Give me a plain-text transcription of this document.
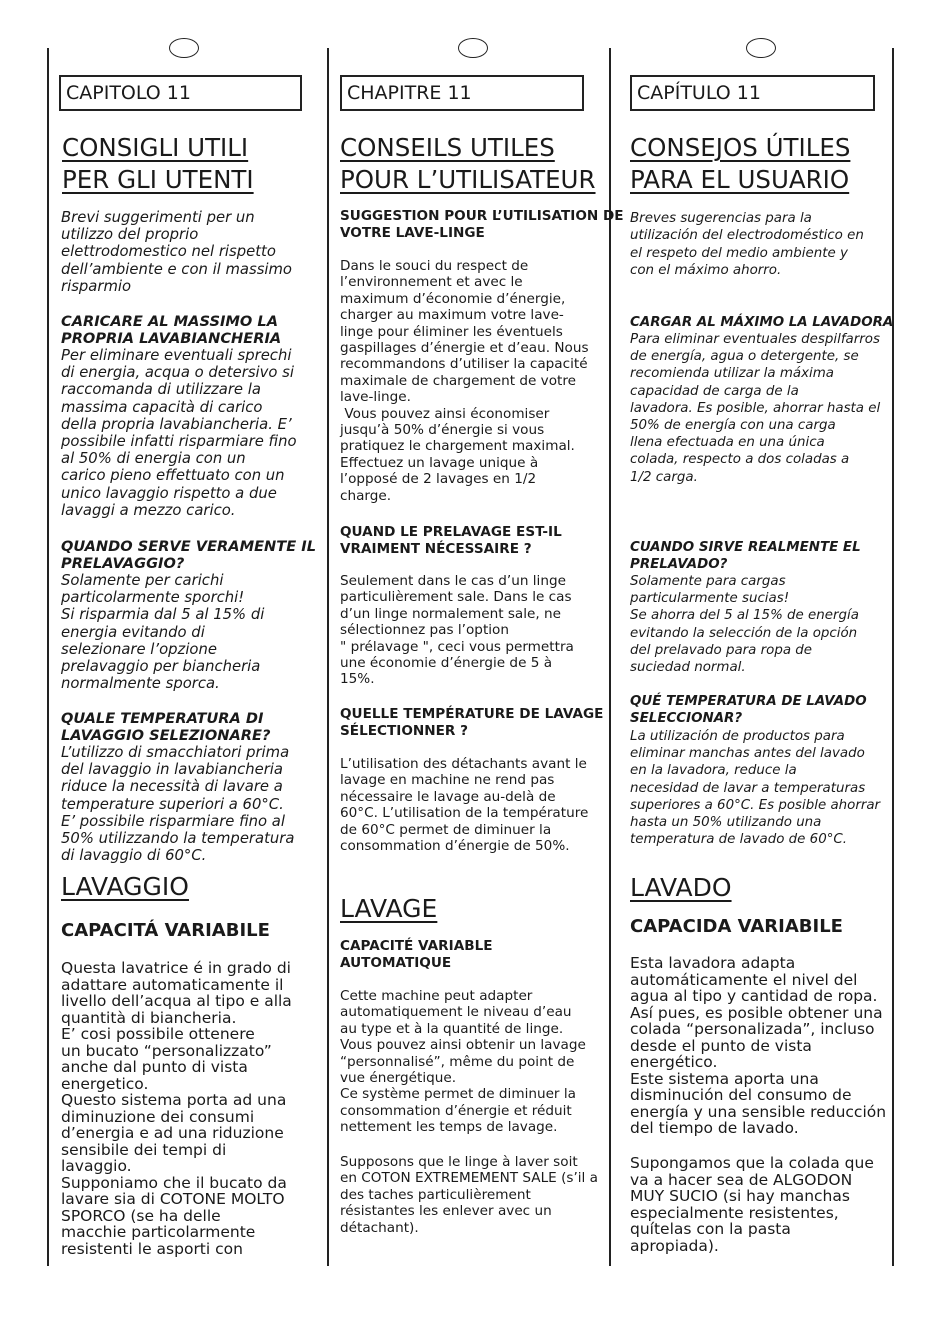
CAPITOLO 11
CONSIGLI UTILI
PER GLI UTENTI
Brevi suggerimenti per un
utilizzo del proprio
elettrodomestico nel rispetto
dell’ambiente e con il massimo
risparmio
CARICARE AL MASSIMO LA
PROPRIA LAVABIANCHERIA
Per eliminare eventuali sprechi
di energia, acqua o detersivo si
raccomanda di utilizzare la
massima capacità di carico
della propria lavabiancheria. E’
possibile infatti risparmiare fino
al 50% di energia con un
carico pieno effettuato con un
unico lavaggio rispetto a due
lavaggi a mezzo carico.
QUANDO SERVE VERAMENTE IL
PRELAVAGGIO?
Solamente per carichi
particolarmente sporchi!
Si risparmia dal 5 al 15% di
energia evitando di
selezionare l’opzione
prelavaggio per biancheria
normalmente sporca.
QUALE TEMPERATURA DI
LAVAGGIO SELEZIONARE?
L’utilizzo di smacchiatori prima
del lavaggio in lavabiancheria
riduce la necessità di lavare a
temperature superiori a 60°C.
E’ possibile risparmiare fino al
50% utilizzando la temperatura
di lavaggio di 60°C.
LAVAGGIO
CAPACITÁ VARIABILE
Questa lavatrice é in grado di
adattare automaticamente il
livello dell’acqua al tipo e alla
quantità di biancheria.
E’ cosi possibile ottenere
un bucato “personalizzato”
anche dal punto di vista
energetico.
Questo sistema porta ad una
diminuzione dei consumi
d’energia e ad una riduzione
sensibile dei tempi di
lavaggio.
Supponiamo che il bucato da
lavare sia di COTONE MOLTO
SPORCO (se ha delle
macchie particolarmente
resistenti le asporti con
CHAPITRE 11
CONSEILS UTILES
POUR L’UTILISATEUR
SUGGESTION POUR L’UTILISATION DE
VOTRE LAVE-LINGE
Dans le souci du respect de
l’environnement et avec le
maximum d’économie d’énergie,
charger au maximum votre lave-
linge pour éliminer les éventuels
gaspillages d’énergie et d’eau. Nous
recommandons d’utiliser la capacité
maximale de chargement de votre
lave-linge.
Vous pouvez ainsi économiser
jusqu’à 50% d’énergie si vous
pratiquez le chargement maximal.
Effectuez un lavage unique à
l’opposé de 2 lavages en 1/2
charge.
QUAND LE PRELAVAGE EST-IL
VRAIMENT NÉCESSAIRE ?
Seulement dans le cas d’un linge
particulièrement sale. Dans le cas
d’un linge normalement sale, ne
sélectionnez pas l’option
" prélavage ", ceci vous permettra
une économie d’énergie de 5 à
15%.
QUELLE TEMPÉRATURE DE LAVAGE
SÉLECTIONNER ?
L’utilisation des détachants avant le
lavage en machine ne rend pas
nécessaire le lavage au-delà de
60°C. L’utilisation de la température
de 60°C permet de diminuer la
consommation d’énergie de 50%.
LAVAGE
CAPACITÉ VARIABLE
AUTOMATIQUE
Cette machine peut adapter
automatiquement le niveau d’eau
au type et à la quantité de linge.
Vous pouvez ainsi obtenir un lavage
“personnalisé”, même du point de
vue énergétique.
Ce système permet de diminuer la
consommation d’énergie et réduit
nettement les temps de lavage.
Supposons que le linge à laver soit
en COTON EXTREMEMENT SALE (s’il a
des taches particulièrement
résistantes les enlever avec un
détachant).
CAPÍTULO 11
CONSEJOS ÚTILES
PARA EL USUARIO
Breves sugerencias para la
utilización del electrodoméstico en
el respeto del medio ambiente y
con el máximo ahorro.
CARGAR AL MÁXIMO LA LAVADORA
Para eliminar eventuales despilfarros
de energía, agua o detergente, se
recomienda utilizar la máxima
capacidad de carga de la
lavadora. Es posible, ahorrar hasta el
50% de energía con una carga
llena efectuada en una única
colada, respecto a dos coladas a
1/2 carga.
CUANDO SIRVE REALMENTE EL
PRELAVADO?
Solamente para cargas
particularmente sucias!
Se ahorra del 5 al 15% de energía
evitando la selección de la opción
del prelavado para ropa de
suciedad normal.
QUÉ TEMPERATURA DE LAVADO
SELECCIONAR?
La utilización de productos para
eliminar manchas antes del lavado
en la lavadora, reduce la
necesidad de lavar a temperaturas
superiores a 60°C. Es posible ahorrar
hasta un 50% utilizando una
temperatura de lavado de 60°C.
LAVADO
CAPACIDA VARIABILE
Esta lavadora adapta
automáticamente el nivel del
agua al tipo y cantidad de ropa.
Así pues, es posible obtener una
colada “personalizada”, incluso
desde el punto de vista
energético.
Este sistema aporta una
disminución del consumo de
energía y una sensible reducción
del tiempo de lavado.
Supongamos que la colada que
va a hacer sea de ALGODON
MUY SUCIO (si hay manchas
especialmente resistentes,
quítelas con la pasta
apropiada).
